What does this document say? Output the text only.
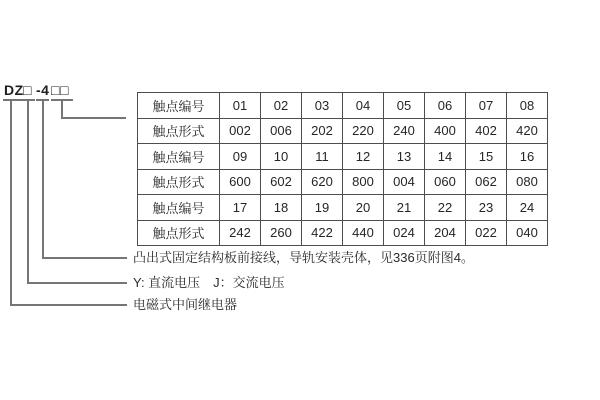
DZ □ -4 □□
触点编号	01	02	03	04	05	06	07	08
触点形式	002	006	202	220	240	400	402	420
触点编号	09	10	11	12	13	14	15	16
触点形式	600	602	620	800	004	060	062	080
触点编号	17	18	19	20	21	22	23	24
触点形式	242	260	422	440	024	204	022	040
凸出式固定结构板前接线，导轨安装壳体，见336页附图4。
Y: 直流电压　J：交流电压
电磁式中间继电器
